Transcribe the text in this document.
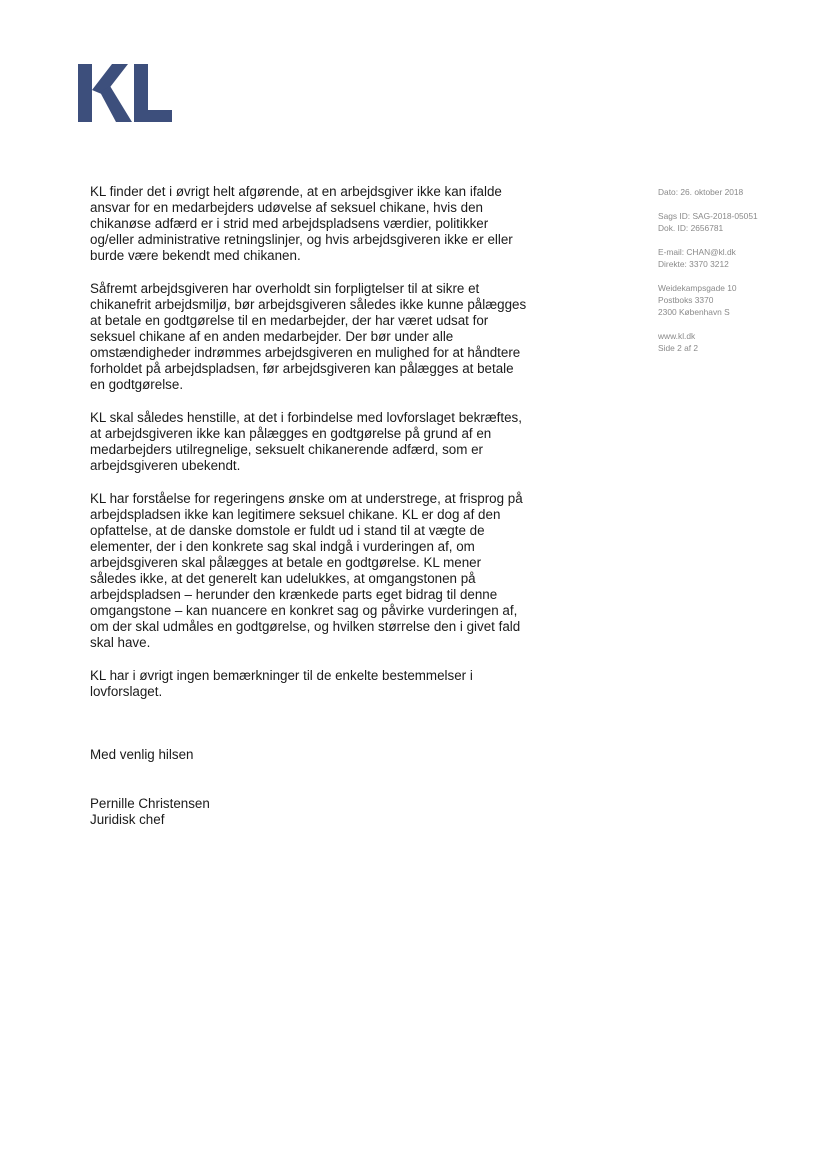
KL finder det i øvrigt helt afgørende, at en arbejdsgiver ikke kan ifalde
ansvar for en medarbejders udøvelse af seksuel chikane, hvis den
chikanøse adfærd er i strid med arbejdspladsens værdier, politikker
og/eller administrative retningslinjer, og hvis arbejdsgiveren ikke er eller
burde være bekendt med chikanen.

Såfremt arbejdsgiveren har overholdt sin forpligtelser til at sikre et
chikanefrit arbejdsmiljø, bør arbejdsgiveren således ikke kunne pålægges
at betale en godtgørelse til en medarbejder, der har været udsat for
seksuel chikane af en anden medarbejder. Der bør under alle
omstændigheder indrømmes arbejdsgiveren en mulighed for at håndtere
forholdet på arbejdspladsen, før arbejdsgiveren kan pålægges at betale
en godtgørelse.

KL skal således henstille, at det i forbindelse med lovforslaget bekræftes,
at arbejdsgiveren ikke kan pålægges en godtgørelse på grund af en
medarbejders utilregnelige, seksuelt chikanerende adfærd, som er
arbejdsgiveren ubekendt.

KL har forståelse for regeringens ønske om at understrege, at frisprog på
arbejdspladsen ikke kan legitimere seksuel chikane. KL er dog af den
opfattelse, at de danske domstole er fuldt ud i stand til at vægte de
elementer, der i den konkrete sag skal indgå i vurderingen af, om
arbejdsgiveren skal pålægges at betale en godtgørelse. KL mener
således ikke, at det generelt kan udelukkes, at omgangstonen på
arbejdspladsen – herunder den krænkede parts eget bidrag til denne
omgangstone – kan nuancere en konkret sag og påvirke vurderingen af,
om der skal udmåles en godtgørelse, og hvilken størrelse den i givet fald
skal have.

KL har i øvrigt ingen bemærkninger til de enkelte bestemmelser i
lovforslaget.

Med venlig hilsen
Pernille Christensen
Juridisk chef
Dato: 26. oktober 2018
Sags ID: SAG-2018-05051
Dok. ID: 2656781
E-mail: CHAN@kl.dk
Direkte: 3370 3212
Weidekampsgade 10
Postboks 3370
2300 København S
www.kl.dk
Side 2 af 2
